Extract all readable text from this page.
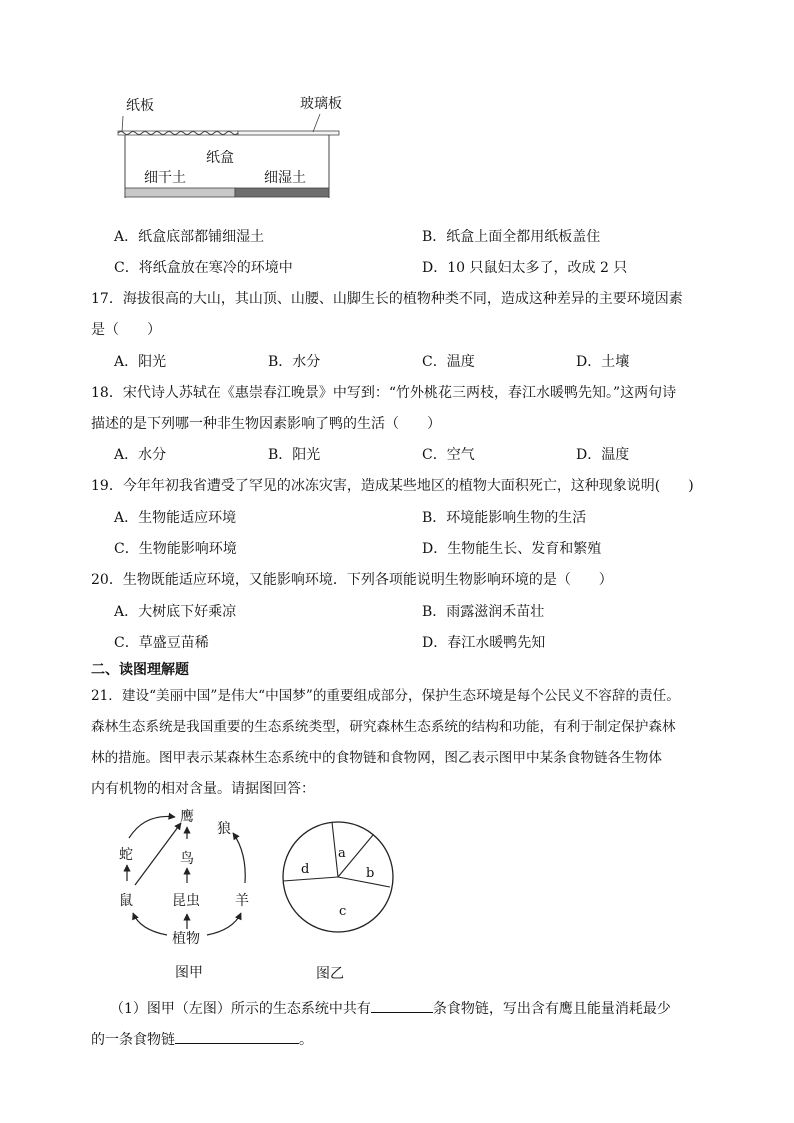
纸板	玻璃板
纸盒
细干土	细湿土
A．纸盒底部都铺细湿土	B．纸盒上面全都用纸板盖住
C．将纸盒放在寒冷的环境中	D．10 只鼠妇太多了，改成 2 只
17．海拔很高的大山，其山顶、山腰、山脚生长的植物种类不同，造成这种差异的主要环境因素
是（　　）
A．阳光	B．水分	C．温度	D．土壤
18．宋代诗人苏轼在《惠崇春江晚景》中写到：“竹外桃花三两枝，春江水暖鸭先知。”这两句诗
描述的是下列哪一种非生物因素影响了鸭的生活（　　）
A．水分	B．阳光	C．空气	D．温度
19．今年年初我省遭受了罕见的冰冻灾害，造成某些地区的植物大面积死亡，这种现象说明(　　)
A．生物能适应环境	B．环境能影响生物的生活
C．生物能影响环境	D．生物能生长、发育和繁殖
20．生物既能适应环境，又能影响环境．下列各项能说明生物影响环境的是（　　）
A．大树底下好乘凉	B．雨露滋润禾苗壮
C．草盛豆苗稀	D．春江水暖鸭先知
二、读图理解题
21．建设“美丽中国”是伟大“中国梦”的重要组成部分，保护生态环境是每个公民义不容辞的责任。
森林生态系统是我国重要的生态系统类型，研究森林生态系统的结构和功能，有利于制定保护森林
林的措施。图甲表示某森林生态系统中的食物链和食物网，图乙表示图甲中某条食物链各生物体
内有机物的相对含量。请据图回答：
鹰
狼
蛇	鸟
昆虫
鼠	羊
植物
图甲
a
b
c
d
图乙
（1）图甲（左图）所示的生态系统中共有	条食物链，写出含有鹰且能量消耗最少
的一条食物链	。
